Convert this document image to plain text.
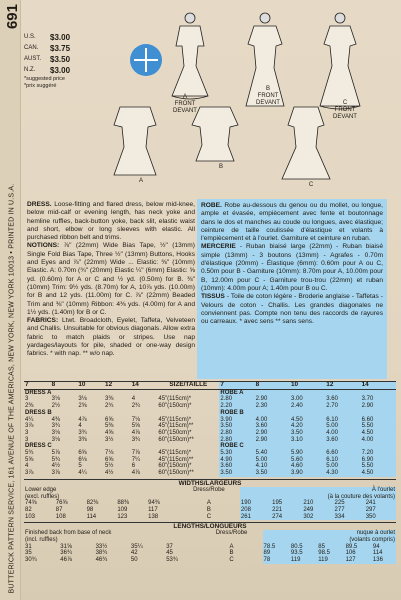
691
BUTTERICK PATTERN SERVICE, 161 AVENUE OF THE AMERICAS, NEW YORK, NEW YORK 10013 • PRINTED IN U.S.A.
U.S.	$3.00
CAN.	$3.75
AUST.	$3.50
N.Z.	$3.00
*suggested price
*prix suggéré
A
FRONT
DEVANT
B
FRONT
DEVANT	C
FRONT
DEVANT
A
B
C
DRESS. Loose-fitting and flared dress, below mid-knee, below mid-calf or evening length, has neck yoke and hemline ruffles, back-button yoke, back slit, elastic waist and short, elbow or long sleeves with elastic. All purchased ribbon belt and trims.
NOTIONS: ⅞" (22mm) Wide Bias Tape, ½" (13mm) Single Fold Bias Tape, Three ½" (13mm) Buttons, Hooks and Eyes and ⅞" (22mm) Wide ... Elastic: ⅜" (10mm) Elastic. A: 0.70m (¾" (20mm) Elastic ¼" (6mm) Elastic: ⅝ yd. (0.60m) for A or C and ½ yd. (0.50m) for B. ⅜" (10mm) Trim: 9½ yds. (8.70m) for A, 10⅞ yds. (10.00m) for B and 12 yds. (11.00m) for C. ⅞" (22mm) Beaded Trim and ⅜" (10mm) Ribbon: 4⅜ yds. (4.00m) for A and 1½ yds. (1.40m) for B or C.
FABRICS: Ltwt. Broadcloth, Eyelet, Taffeta, Velveteen and Challis. Unsuitable for obvious diagonals. Allow extra fabric to match plaids or stripes. Use nap yardages/layouts for pile, shaded or one-way design fabrics. * with nap. ** w/o nap.
ROBE. Robe au-dessous du genou ou du mollet, ou longue, ample et évasée, empiècement avec fente et boutonnage dans le dos et manches au coude ou longues, avec élastique; ceinture de taille coulissée d'élastique et volants à l'empiècement et à l'ourlet. Garniture et ceinture en ruban.
MERCERIE - Ruban biaisé large (22mm) - Ruban biaisé simple (13mm) - 3 boutons (13mm) - Agrafes - 0.70m d'élastique (20mm) - Élastique (6mm): 0.60m pour A ou C, 0.50m pour B - Garniture (10mm): 8.70m pour A, 10.00m pour B, 12.00m pour C - Garniture trou-trou (22mm) et ruban (10mm): 4.00m pour A; 1.40m pour B ou C.
TISSUS - Toile de coton légère - Broderie anglaise - Taffetas - Velours de coton - Challis. Les grandes diagonales ne conviennent pas. Compte non tenu des raccords de rayures ou carreaux. * avec sens ** sans sens.
7	8	10	12	14	SIZE/TAILLE	7	8	10	12	14
DRESS A						ROBE A				
3	3⅛	3⅛	3⅜	4	45"(115cm)*	2.80	2.90	3.00	3.60	3.70
2⅜	2½	2⅝	2¾	2¾	60"(150cm)*	2.20	2.30	2.40	2.70	2.90
DRESS B						ROBE B				
4¼	4⅜	4⅞	6⅝	7⅛	45"(115cm)*	3.90	4.00	4.50	6.10	6.60
3⅞	3¾	4	5⅜	5⅝	45"(115cm)**	3.50	3.60	4.20	5.00	5.50
3	3⅛	3¾	4⅝	4⅞	60"(150cm)*	2.80	2.90	3.50	4.00	4.50
3	3⅛	3⅜	3½	3¾	60"(150cm)**	2.80	2.90	3.10	3.60	4.00
DRESS C						ROBE C				
5¾	5⅞	6⅝	7⅛	7⅞	45"(115cm)*	5.30	5.40	5.90	6.60	7.20
5⅝	5¾	6⅛	6⅝	7¼	45"(115cm)**	4.90	5.00	5.60	6.10	6.90
4	4½	5	5½	6	60"(150cm)*	3.60	4.10	4.60	5.00	5.50
3⅞	3⅞	4¼	4½	4⅞	60"(150cm)**	3.50	3.50	3.90	4.30	4.50
WIDTHS/LARGEURS
Lower edge					Dress/Robe	À l'ourlet				
(excl. ruffles)						(à la couture des volants)				
74⅝	76⅝	82⅜	88⅜	94⅜	A	190	195	210	225	241
82	87	98	109	117	B	208	221	249	277	297
103	108	114	123	138	C	261	274	302	334	350
LENGTHS/LONGUEURS
Finished back from base of neck					Dress/Robe	nuque à ourlet				
(incl. ruffles)						(volants compris)				
31	31⅝	33½	35¼	37	A	78.5	80.5	85	89.5	94
35	36¾	38¾	42	45	B	89	93.5	98.5	106	114
30¾	46⅞	46¾	50	53¾	C	78	119	119	127	136
